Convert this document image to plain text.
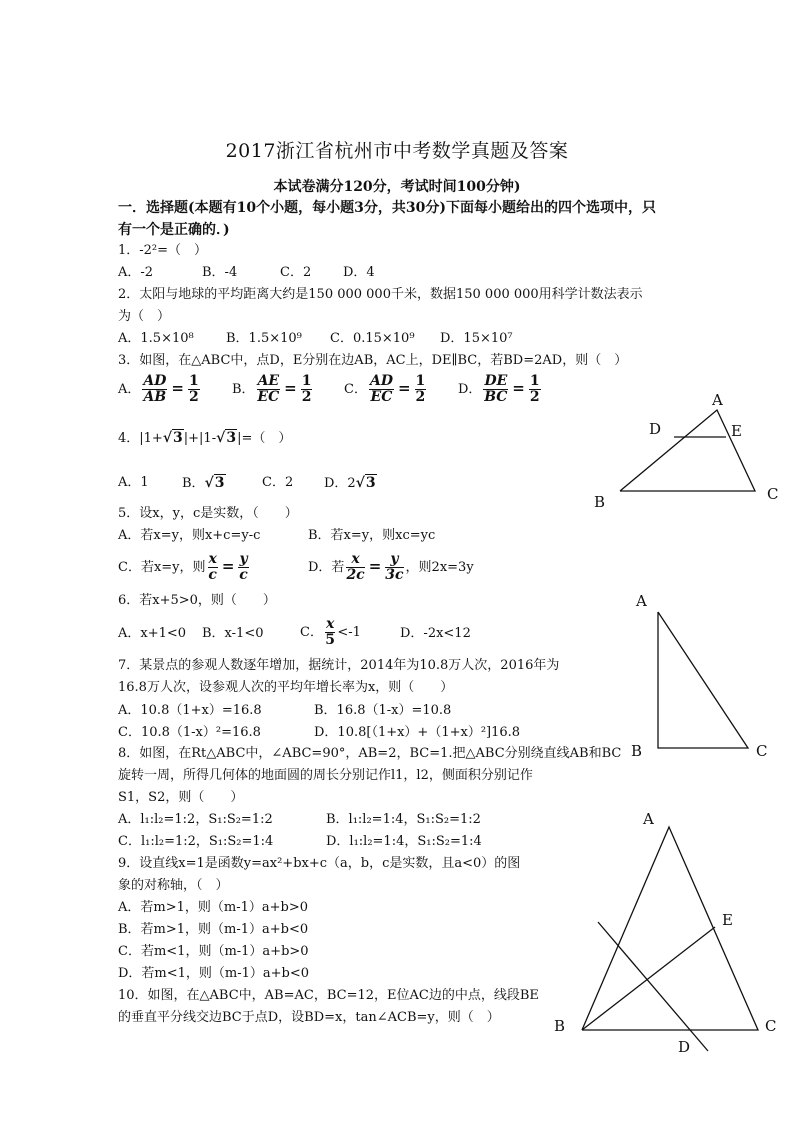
2017浙江省杭州市中考数学真题及答案
本试卷满分120分，考试时间100分钟)
一．选择题(本题有10个小题，每小题3分，共30分)下面每小题给出的四个选项中，只
有一个是正确的．)
1．-2²=（　）
A．-2	B．-4	C．2 D．4
2．太阳与地球的平均距离大约是150 000 000千米，数据150 000 000用科学计数法表示
为（　）
A．1.5×10⁸ B．1.5×10⁹ C．0.15×10⁹ D．15×10⁷
3．如图，在△ABC中，点D，E分别在边AB，AC上，DE∥BC，若BD=2AD，则（　）
A． $\frac{AD}{AB} = \frac{1}{2}$ B． $\frac{AE}{EC} = \frac{1}{2}$ C． $\frac{AD}{EC} = \frac{1}{2}$ D． $\frac{DE}{BC} = \frac{1}{2}$
4．|1+√3|+|1-√3|=（　）
A．1	B．√3	C．2 D．2√3
5．设x，y，c是实数，（　　）
A．若x=y，则x+c=y-c	B．若x=y，则xc=yc
C．若x=y，则 $\frac{x}{c} = \frac{y}{c}$	D．若 $\frac{x}{2c} = \frac{y}{3c}$ ，则2x=3y
6．若x+5>0，则（　　）
A．x+1<0 B．x-1<0	C． $\frac{x}{5} <-1$	D．-2x<12
7．某景点的参观人数逐年增加，据统计，2014年为10.8万人次，2016年为
16.8万人次，设参观人次的平均年增长率为x，则（　　）
A．10.8（1+x）=16.8	B．16.8（1-x）=10.8
C．10.8（1-x）²=16.8	D．10.8[（1+x）+（1+x）²]16.8
8．如图，在Rt△ABC中，∠ABC=90°，AB=2，BC=1.把△ABC分别绕直线AB和BC
旋转一周，所得几何体的地面圆的周长分别记作l1，l2，侧面积分别记作
S1，S2，则（　　）
A．l₁:l₂=1:2，S₁:S₂=1:2	B．l₁:l₂=1:4，S₁:S₂=1:2
C．l₁:l₂=1:2，S₁:S₂=1:4	D．l₁:l₂=1:4，S₁:S₂=1:4
9．设直线x=1是函数y=ax²+bx+c（a，b，c是实数，且a<0）的图
象的对称轴，（　）
A．若m>1，则（m-1）a+b>0
B．若m>1，则（m-1）a+b<0
C．若m<1，则（m-1）a+b>0
D．若m<1，则（m-1）a+b<0
10．如图，在△ABC中，AB=AC，BC=12，E位AC边的中点，线段BE
的垂直平分线交边BC于点D，设BD=x，tan∠ACB=y，则（　）
A
D	E
B	C
A
B	C
A
E
B	C
D
